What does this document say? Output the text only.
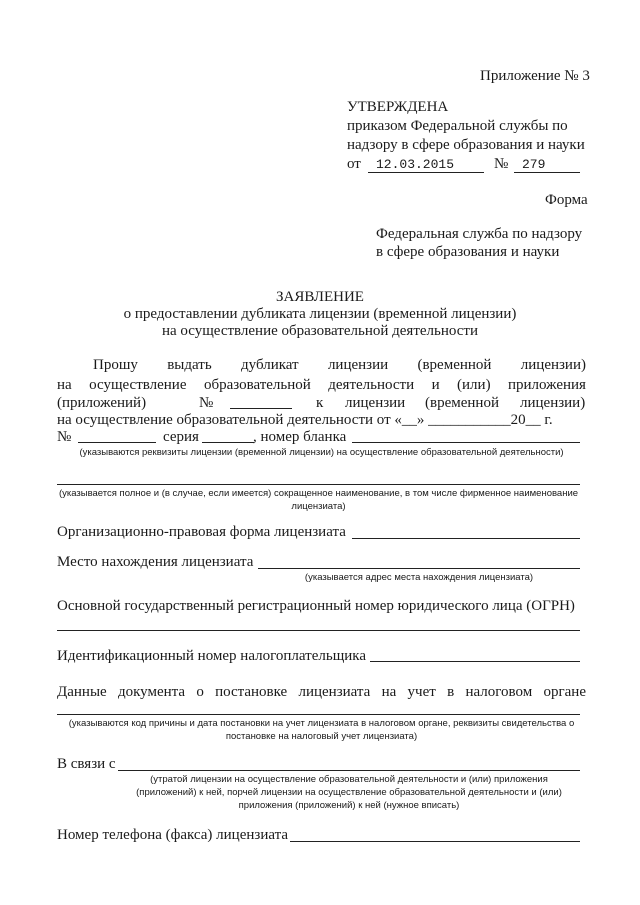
Приложение № 3
УТВЕРЖДЕНА
приказом Федеральной службы по
надзору в сфере образования и науки
от 12.03.2015	№ 279
Форма
Федеральная служба по надзору
в сфере образования и науки
ЗАЯВЛЕНИЕ
о предоставлении дубликата лицензии (временной лицензии)
на осуществление образовательной деятельности
Прошу выдать дубликат лицензии (временной лицензии)
на осуществление образовательной деятельности и (или) приложения
(приложений)	№	к лицензии (временной лицензии)
на осуществление образовательной деятельности от «__» ___________20__ г.
№	серия	, номер бланка
(указываются реквизиты лицензии (временной лицензии) на осуществление образовательной деятельности)
(указывается полное и (в случае, если имеется) сокращенное наименование, в том числе фирменное наименование
лицензиата)
Организационно-правовая форма лицензиата
Место нахождения лицензиата
(указывается адрес места нахождения лицензиата)
Основной государственный регистрационный номер юридического лица (ОГРН)
Идентификационный номер налогоплательщика
Данные документа о постановке лицензиата на учет в налоговом органе
(указываются код причины и дата постановки на учет лицензиата в налоговом органе, реквизиты свидетельства о
постановке на налоговый учет лицензиата)
В связи с
(утратой лицензии на осуществление образовательной деятельности и (или) приложения
(приложений) к ней, порчей лицензии на осуществление образовательной деятельности и (или)
приложения (приложений) к ней (нужное вписать)
Номер телефона (факса) лицензиата
